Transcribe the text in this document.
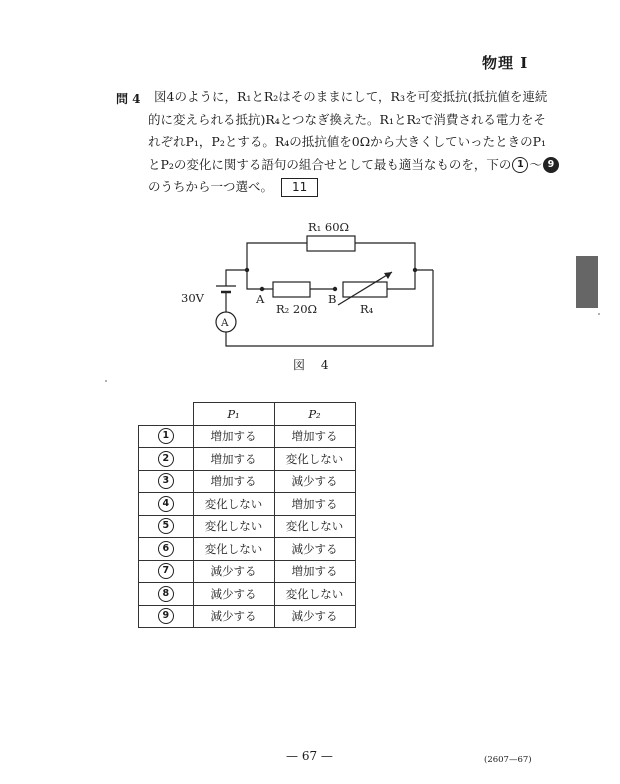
物理 I
問 4 図4のように，R₁とR₂はそのままにして，R₃を可変抵抗(抵抗値を連続

的に変えられる抵抗)R₄とつなぎ換えた。R₁とR₂で消費される電力をそ

れぞれP₁，P₂とする。R₄の抵抗値を0Ωから大きくしていったときのP₁

とP₂の変化に関する語句の組合せとして最も適当なものを，下の 1 〜 9

のうちから一つ選べ。 11

R₁ 60Ω
R₂ 20Ω	R₄
30V
A
A	B
図 4
	P₁	P₂
1	増加する	増加する
2	増加する	変化しない
3	増加する	減少する
4	変化しない	増加する
5	変化しない	変化しない
6	変化しない	減少する
7	減少する	増加する
8	減少する	変化しない
9	減少する	減少する
— 67 —	(2607—67)
